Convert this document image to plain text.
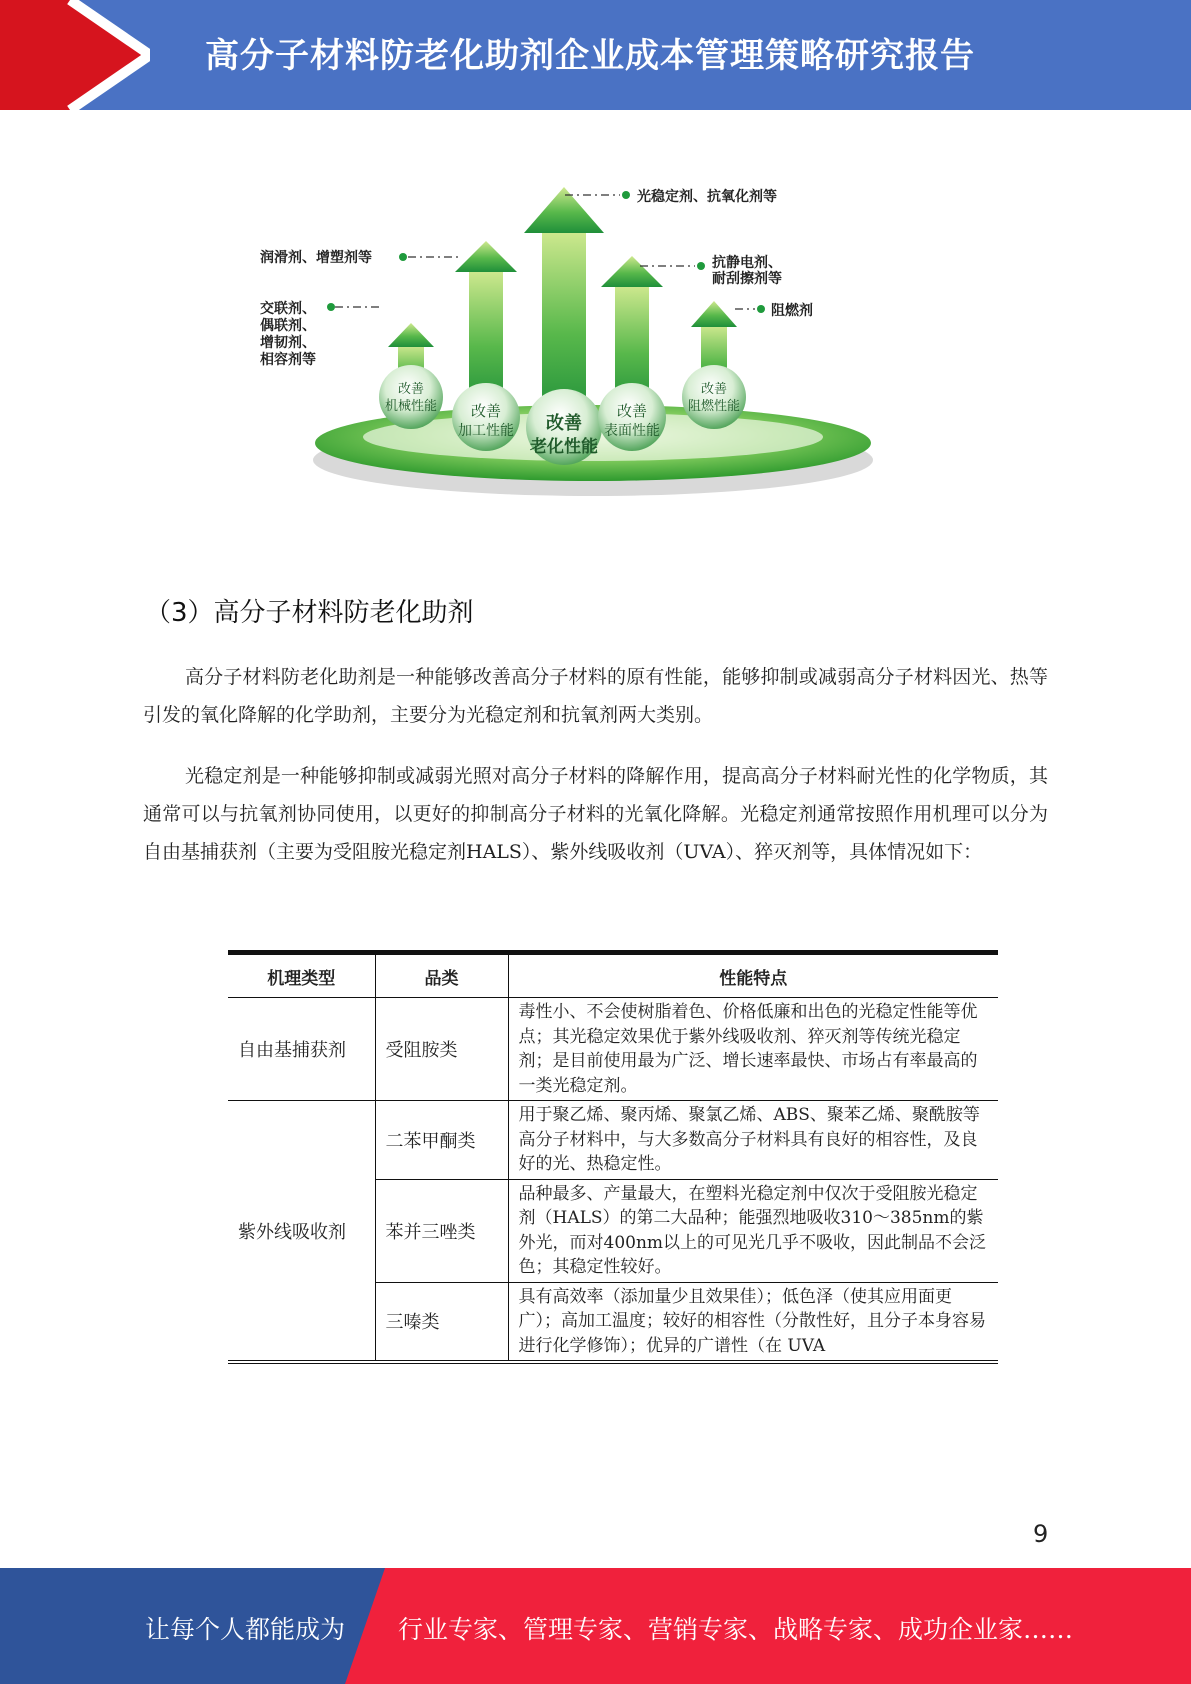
高分子材料防老化助剂企业成本管理策略研究报告
改善
机械性能 改善
加工性能 改善
老化性能
改善
表面性能
改善
阻燃性能
交联剂、
偶联剂、
增韧剂、
相容剂等
润滑剂、增塑剂等
光稳定剂、抗氧化剂等
抗静电剂、
耐刮擦剂等
阻燃剂
（3）高分子材料防老化助剂

高分子材料防老化助剂是一种能够改善高分子材料的原有性能，能够抑制或减弱高分子材料因光、热等引发的氧化降解的化学助剂，主要分为光稳定剂和抗氧剂两大类别。

光稳定剂是一种能够抑制或减弱光照对高分子材料的降解作用，提高高分子材料耐光性的化学物质，其通常可以与抗氧剂协同使用，以更好的抑制高分子材料的光氧化降解。光稳定剂通常按照作用机理可以分为自由基捕获剂（主要为受阻胺光稳定剂HALS）、紫外线吸收剂（UVA）、猝灭剂等，具体情况如下：

机理类型	品类	性能特点
自由基捕获剂	受阻胺类	毒性小、不会使树脂着色、价格低廉和出色的光稳定性能等优点；其光稳定效果优于紫外线吸收剂、猝灭剂等传统光稳定剂；是目前使用最为广泛、增长速率最快、市场占有率最高的一类光稳定剂。
紫外线吸收剂	二苯甲酮类	用于聚乙烯、聚丙烯、聚氯乙烯、ABS、聚苯乙烯、聚酰胺等高分子材料中，与大多数高分子材料具有良好的相容性，及良好的光、热稳定性。
	苯并三唑类	品种最多、产量最大，在塑料光稳定剂中仅次于受阻胺光稳定剂（HALS）的第二大品种；能强烈地吸收310～385nm的紫外光，而对400nm以上的可见光几乎不吸收，因此制品不会泛色；其稳定性较好。
	三嗪类	具有高效率（添加量少且效果佳）；低色泽（使其应用面更广）；高加工温度；较好的相容性（分散性好，且分子本身容易进行化学修饰）；优异的广谱性（在 UVA
9
让每个人都能成为 行业专家、管理专家、营销专家、战略专家、成功企业家……
